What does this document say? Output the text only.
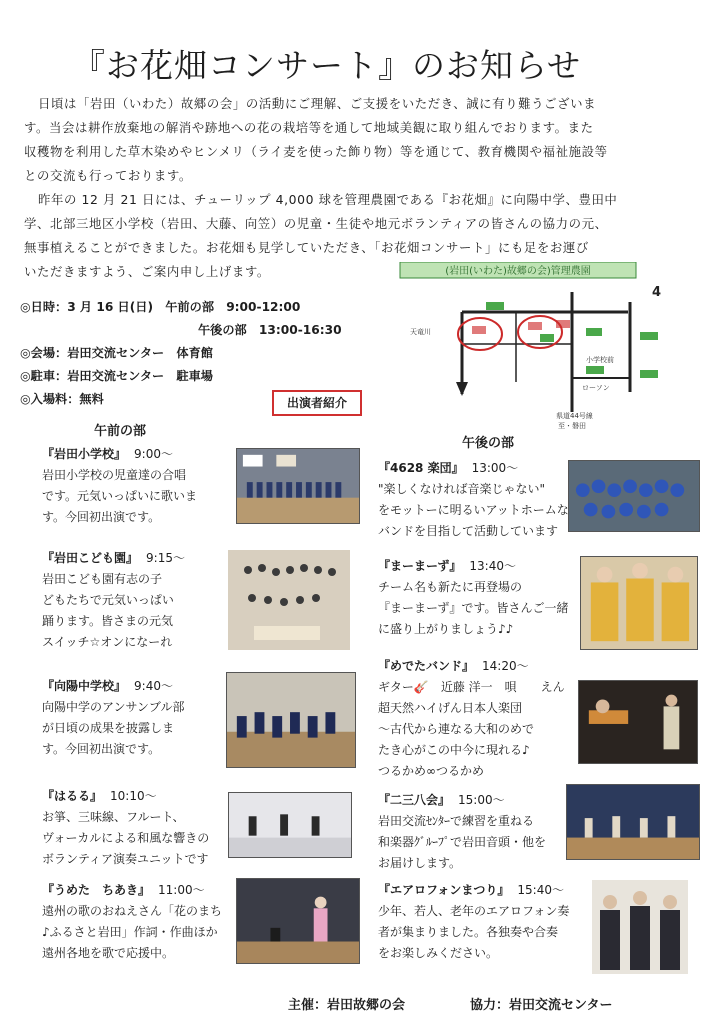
『お花畑コンサート』のお知らせ
日頃は「岩田（いわた）故郷の会」の活動にご理解、ご支援をいただき、誠に有り難うございま
す。当会は耕作放棄地の解消や跡地への花の栽培等を通して地域美観に取り組んでおります。また
収穫物を利用した草木染めやヒンメリ（ライ麦を使った飾り物）等を通じて、教育機関や福祉施設等
との交流も行っております。
昨年の 12 月 21 日には、チューリップ 4,000 球を管理農園である『お花畑』に向陽中学、豊田中
学、北部三地区小学校（岩田、大藤、向笠）の児童・生徒や地元ボランティアの皆さんの協力の元、
無事植えることができました。お花畑も見学していただき、「お花畑コンサート」にも足をお運び
いただきますよう、ご案内申し上げます。
◎日時：3 月 16 日(日)　午前の部　9:00-12:00
午後の部　13:00-16:30
◎会場：岩田交流センター　体育館
◎駐車：岩田交流センター　駐車場
◎入場料：無料	出演者紹介
(岩田(いわた)故郷の会)管理農園
4
天竜川
小学校前
ローソン
県道44号線
至・磐田
午前の部
午後の部
『岩田小学校』 9:00～
岩田小学校の児童達の合唱
です。元気いっぱいに歌いま
す。今回初出演です。
『岩田こども園』 9:15～
岩田こども園有志の子
どもたちで元気いっぱい
踊ります。皆さまの元気
スイッチ☆オンになーれ
『向陽中学校』 9:40～
向陽中学のアンサンブル部
が日頃の成果を披露しま
す。今回初出演です。
『はるる』 10:10～
お箏、三味線、フルート、
ヴォーカルによる和風な響きの
ボランティア演奏ユニットです
『うめた　ちあき』 11:00～
遠州の歌のおねえさん「花のまち
♪ふるさと岩田」作詞・作曲ほか
遠州各地を歌で応援中。
『4628 楽団』 13:00～
"楽しくなければ音楽じゃない"
をモットーに明るいアットホームな
バンドを目指して活動しています
『まーまーず』 13:40～
チーム名も新たに再登場の
『まーまーず』です。皆さんご一緒
に盛り上がりましょう♪♪
『めでたバンド』 14:20～
ギター🎸　近藤 洋一　唄　　えん
超天然ハイげん日本人楽団
～古代から連なる大和のめで
たき心がこの中今に現れる♪
つるかめ∞つるかめ
『二三八会』 15:00～
岩田交流ｾﾝﾀｰで練習を重ねる
和楽器ｸﾞﾙｰﾌﾟで岩田音頭・他を
お届けします。
『エアロフォンまつり』 15:40～
少年、若人、老年のエアロフォン奏
者が集まりました。各独奏や合奏
をお楽しみください。
主催：岩田故郷の会	協力：岩田交流センター
